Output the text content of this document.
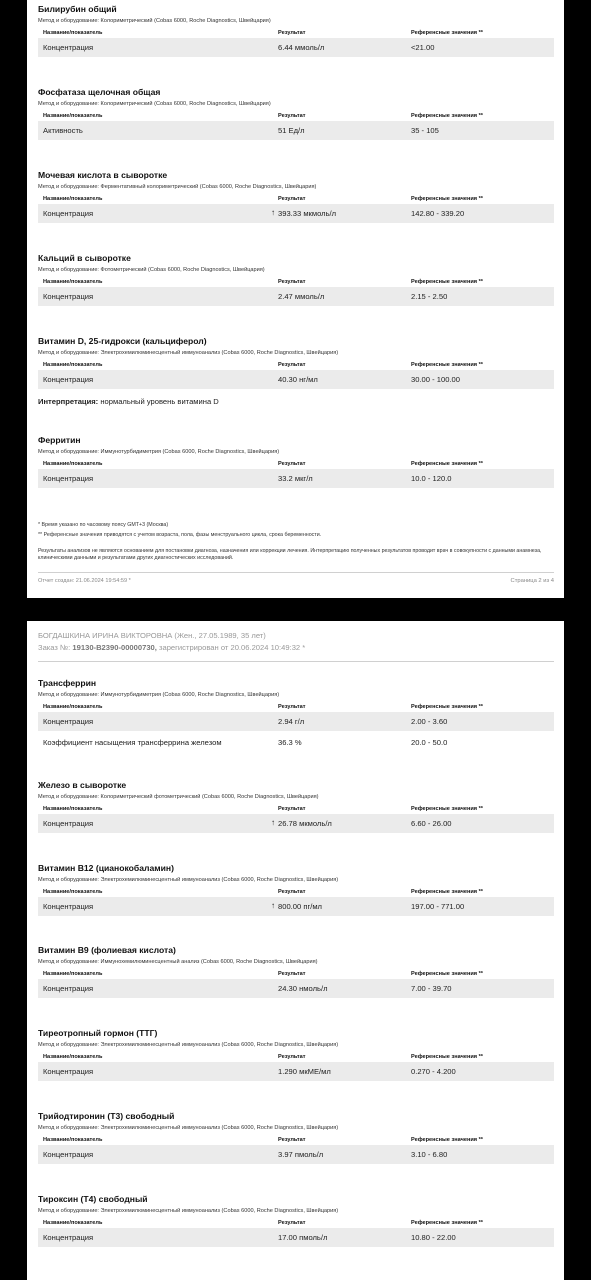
Билирубин общий
Метод и оборудование: Колориметрический (Cobas 6000, Roche Diagnostics, Швейцария)
Название/показатель	Результат	Референсные значения **
Концентрация	6.44 ммоль/л	<21.00
Фосфатаза щелочная общая
Метод и оборудование: Колориметрический (Cobas 6000, Roche Diagnostics, Швейцария)
Название/показатель	Результат	Референсные значения **
Активность	51 Ед/л	35 - 105
Мочевая кислота в сыворотке
Метод и оборудование: Ферментативный колориметрический (Cobas 6000, Roche Diagnostics, Швейцария)
Название/показатель	Результат	Референсные значения **
Концентрация	↑ 393.33 мкмоль/л	142.80 - 339.20
Кальций в сыворотке
Метод и оборудование: Фотометрический (Cobas 6000, Roche Diagnostics, Швейцария)
Название/показатель	Результат	Референсные значения **
Концентрация	2.47 ммоль/л	2.15 - 2.50
Витамин D, 25-гидрокси (кальциферол)
Метод и оборудование: Электрохемилюминесцентный иммуноанализ (Cobas 6000, Roche Diagnostics, Швейцария)
Название/показатель	Результат	Референсные значения **
Концентрация	40.30 нг/мл	30.00 - 100.00
Интерпретация: нормальный уровень витамина D
Ферритин
Метод и оборудование: Иммунотурбидиметрия (Cobas 6000, Roche Diagnostics, Швейцария)
Название/показатель	Результат	Референсные значения **
Концентрация	33.2 мкг/л	10.0 - 120.0
* Время указано по часовому поясу GMT+3 (Москва)
** Референсные значения приводятся с учетом возраста, пола, фазы менструального цикла, срока беременности.
Результаты анализов не являются основанием для постановки диагноза, назначения или коррекции лечения. Интерпретацию полученных результатов проводит врач в совокупности с данными анамнеза, клиническими данными и результатами других диагностических исследований.
Отчет создан: 21.06.2024 19:54:59 *	Страница 2 из 4
БОГДАШКИНА ИРИНА ВИКТОРОВНА (Жен., 27.05.1989, 35 лет)
Заказ №: 19130-B2390-00000730, зарегистрирован от 20.06.2024 10:49:32 *
Трансферрин
Метод и оборудование: Иммунотурбидиметрия (Cobas 6000, Roche Diagnostics, Швейцария)
Название/показатель	Результат	Референсные значения **
Концентрация	2.94 г/л	2.00 - 3.60
Коэффициент насыщения трансферрина железом	36.3 %	20.0 - 50.0
Железо в сыворотке
Метод и оборудование: Колориметрический фотометрический (Cobas 6000, Roche Diagnostics, Швейцария)
Название/показатель	Результат	Референсные значения **
Концентрация	↑ 26.78 мкмоль/л	6.60 - 26.00
Витамин В12 (цианокобаламин)
Метод и оборудование: Электрохемилюминесцентный иммуноанализ (Cobas 6000, Roche Diagnostics, Швейцария)
Название/показатель	Результат	Референсные значения **
Концентрация	↑ 800.00 пг/мл	197.00 - 771.00
Витамин В9 (фолиевая кислота)
Метод и оборудование: Иммунохемилюминесцентный анализ (Cobas 6000, Roche Diagnostics, Швейцария)
Название/показатель	Результат	Референсные значения **
Концентрация	24.30 нмоль/л	7.00 - 39.70
Тиреотропный гормон (ТТГ)
Метод и оборудование: Электрохемилюминесцентный иммуноанализ (Cobas 6000, Roche Diagnostics, Швейцария)
Название/показатель	Результат	Референсные значения **
Концентрация	1.290 мкМЕ/мл	0.270 - 4.200
Трийодтиронин (Т3) свободный
Метод и оборудование: Электрохемилюминесцентный иммуноанализ (Cobas 6000, Roche Diagnostics, Швейцария)
Название/показатель	Результат	Референсные значения **
Концентрация	3.97 пмоль/л	3.10 - 6.80
Тироксин (Т4) свободный
Метод и оборудование: Электрохемилюминесцентный иммуноанализ (Cobas 6000, Roche Diagnostics, Швейцария)
Название/показатель	Результат	Референсные значения **
Концентрация	17.00 пмоль/л	10.80 - 22.00
